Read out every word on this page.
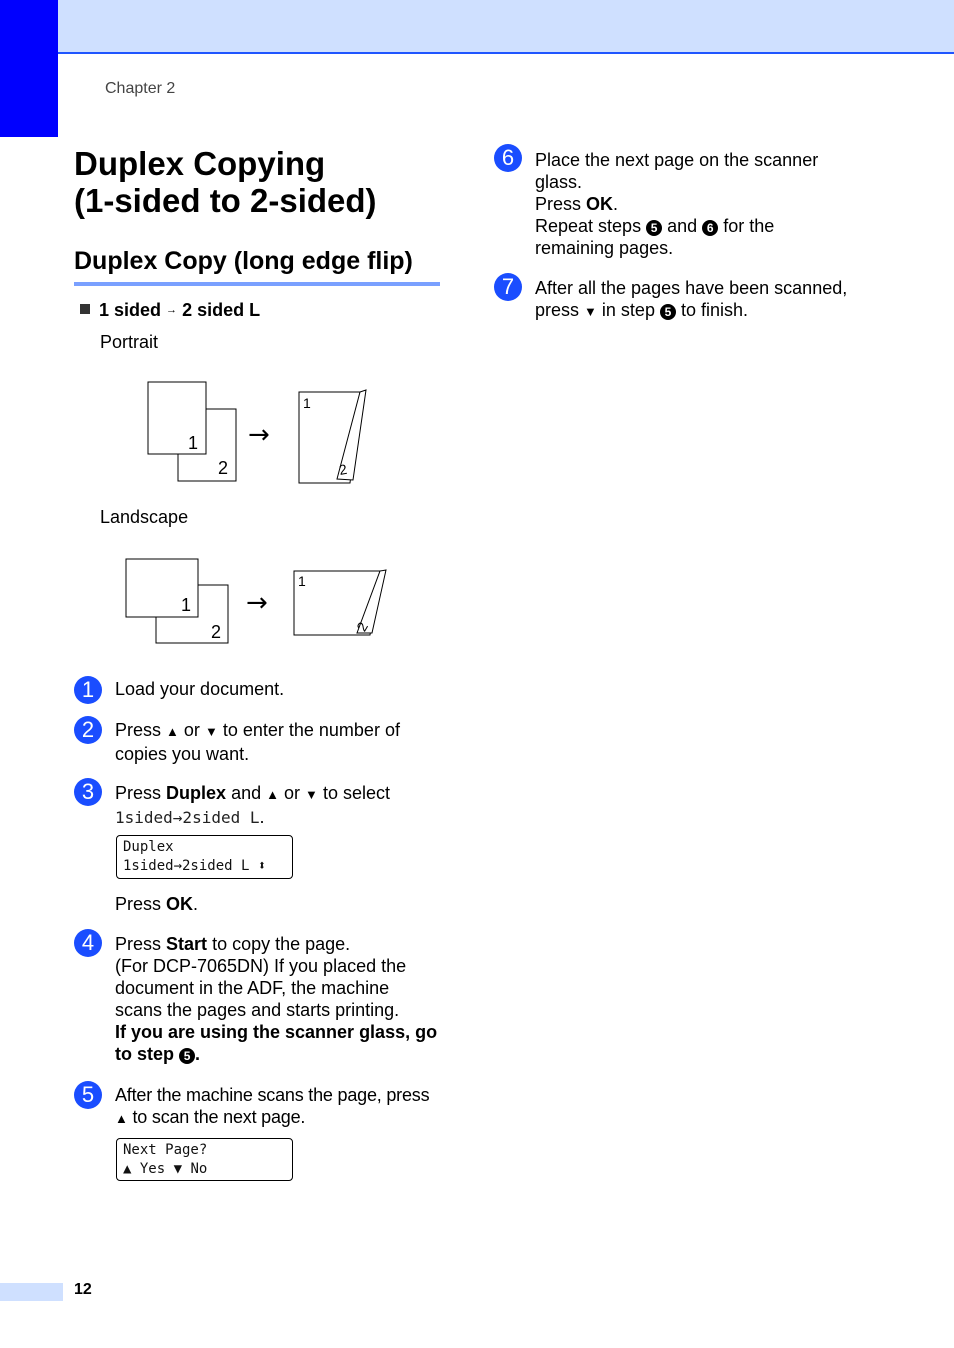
Chapter 2
Duplex Copying
(1-sided to 2-sided)
Duplex Copy (long edge flip)
1 sided → 2 sided L
Portrait
1
2
→
1
2
Landscape
1
2
→
1
2
1	Load your document.
2	Press ▲ or ▼ to enter the number of
copies you want.
3	Press Duplex and ▲ or ▼ to select
1sided→2sided L.
Duplex
1sided→2sided L ⬍
Press OK.
4	Press Start to copy the page.
(For DCP-7065DN) If you placed the
document in the ADF, the machine
scans the pages and starts printing.
If you are using the scanner glass, go
to step 5 .
5	After the machine scans the page, press
▲ to scan the next page.
Next Page?
▲ Yes ▼ No
6	Place the next page on the scanner
glass.
Press OK.
Repeat steps 5 and 6 for the
remaining pages.
7	After all the pages have been scanned,
press ▼ in step 5 to finish.
12
